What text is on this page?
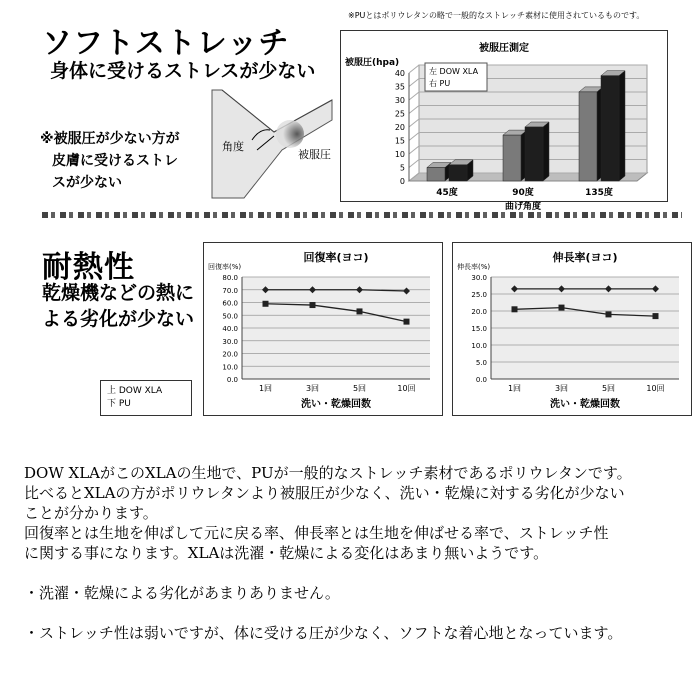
ソフトストレッチ
身体に受けるストレスが少ない
※被服圧が少ない方が
皮膚に受けるストレ
スが少ない
角度
被服圧
※PUとはポリウレタンの略で一般的なストレッチ素材に使用されているものです。
被服圧測定
被服圧(hpa)
0
5
10
15
20
25
30
35
40
45度	90度	135度
曲げ角度
左 DOW XLA
右 PU
耐熱性
乾燥機などの熱に
よる劣化が少ない
上 DOW XLA
下 PU
回復率(ヨコ)
回復率(%)
0.0
10.0
20.0
30.0
40.0
50.0
60.0
70.0
80.0
1回	3回	5回	10回
洗い・乾燥回数
伸長率(ヨコ)
伸長率(%)
0.0
5.0
10.0
15.0
20.0
25.0
30.0
1回	3回	5回	10回
洗い・乾燥回数
DOW XLAがこのXLAの生地で、PUが一般的なストレッチ素材であるポリウレタンです。
比べるとXLAの方がポリウレタンより被服圧が少なく、洗い・乾燥に対する劣化が少ない
ことが分かります。
回復率とは生地を伸ばして元に戻る率、伸長率とは生地を伸ばせる率で、ストレッチ性
に関する事になります。XLAは洗濯・乾燥による変化はあまり無いようです。
・洗濯・乾燥による劣化があまりありません。
・ストレッチ性は弱いですが、体に受ける圧が少なく、ソフトな着心地となっています。
